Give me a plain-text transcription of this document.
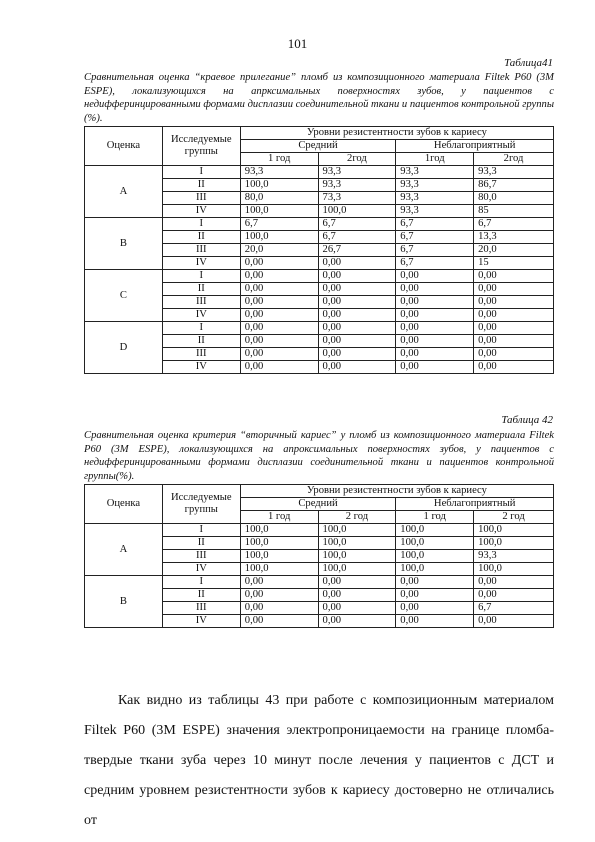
101
Таблица41
Сравнительная оценка “краевое прилегание” пломб из композиционного материала Filtek P60 (3M ESPE), локализующихся на апрксимальных поверхностях зубов, у пациентов с недифферинцированными формами дисплазии соединительной ткани и пациентов контрольной группы (%).
Оценка	Исследуемые группы	Уровни резистентности зубов к кариесу			
		Средний		Неблагоприятный	
		1 год	2год	1год	2год
A	I	93,3	93,3	93,3	93,3
	II	100,0	93,3	93,3	86,7
	III	80,0	73,3	93,3	80,0
	IV	100,0	100,0	93,3	85
B	I	6,7	6,7	6,7	6,7
	II	100,0	6,7	6,7	13,3
	III	20,0	26,7	6,7	20,0
	IV	0,00	0,00	6,7	15
C	I	0,00	0,00	0,00	0,00
	II	0,00	0,00	0,00	0,00
	III	0,00	0,00	0,00	0,00
	IV	0,00	0,00	0,00	0,00
D	I	0,00	0,00	0,00	0,00
	II	0,00	0,00	0,00	0,00
	III	0,00	0,00	0,00	0,00
	IV	0,00	0,00	0,00	0,00
Таблица 42
Сравнительная оценка критерия “вторичный кариес” у пломб из композиционного материала Filtek P60 (3M ESPE), локализующихся на апроксимальных поверхностях зубов, у пациентов с недифферинцированными формами дисплазии соединительной ткани и пациентов контрольной группы(%).
Оценка	Исследуемые группы	Уровни резистентности зубов к кариесу			
		Средний		Неблагоприятный	
		1 год	2 год	1 год	2 год
A	I	100,0	100,0	100,0	100,0
	II	100,0	100,0	100,0	100,0
	III	100,0	100,0	100,0	93,3
	IV	100,0	100,0	100,0	100,0
B	I	0,00	0,00	0,00	0,00
	II	0,00	0,00	0,00	0,00
	III	0,00	0,00	0,00	6,7
	IV	0,00	0,00	0,00	0,00

Как видно из таблицы 43 при работе с композиционным материалом Filtek P60 (3M ESPE) значения электропроницаемости на границе пломба-твердые ткани зуба через 10 минут после лечения у пациентов с ДСТ и средним уровнем резистентности зубов к кариесу достоверно не отличались от
